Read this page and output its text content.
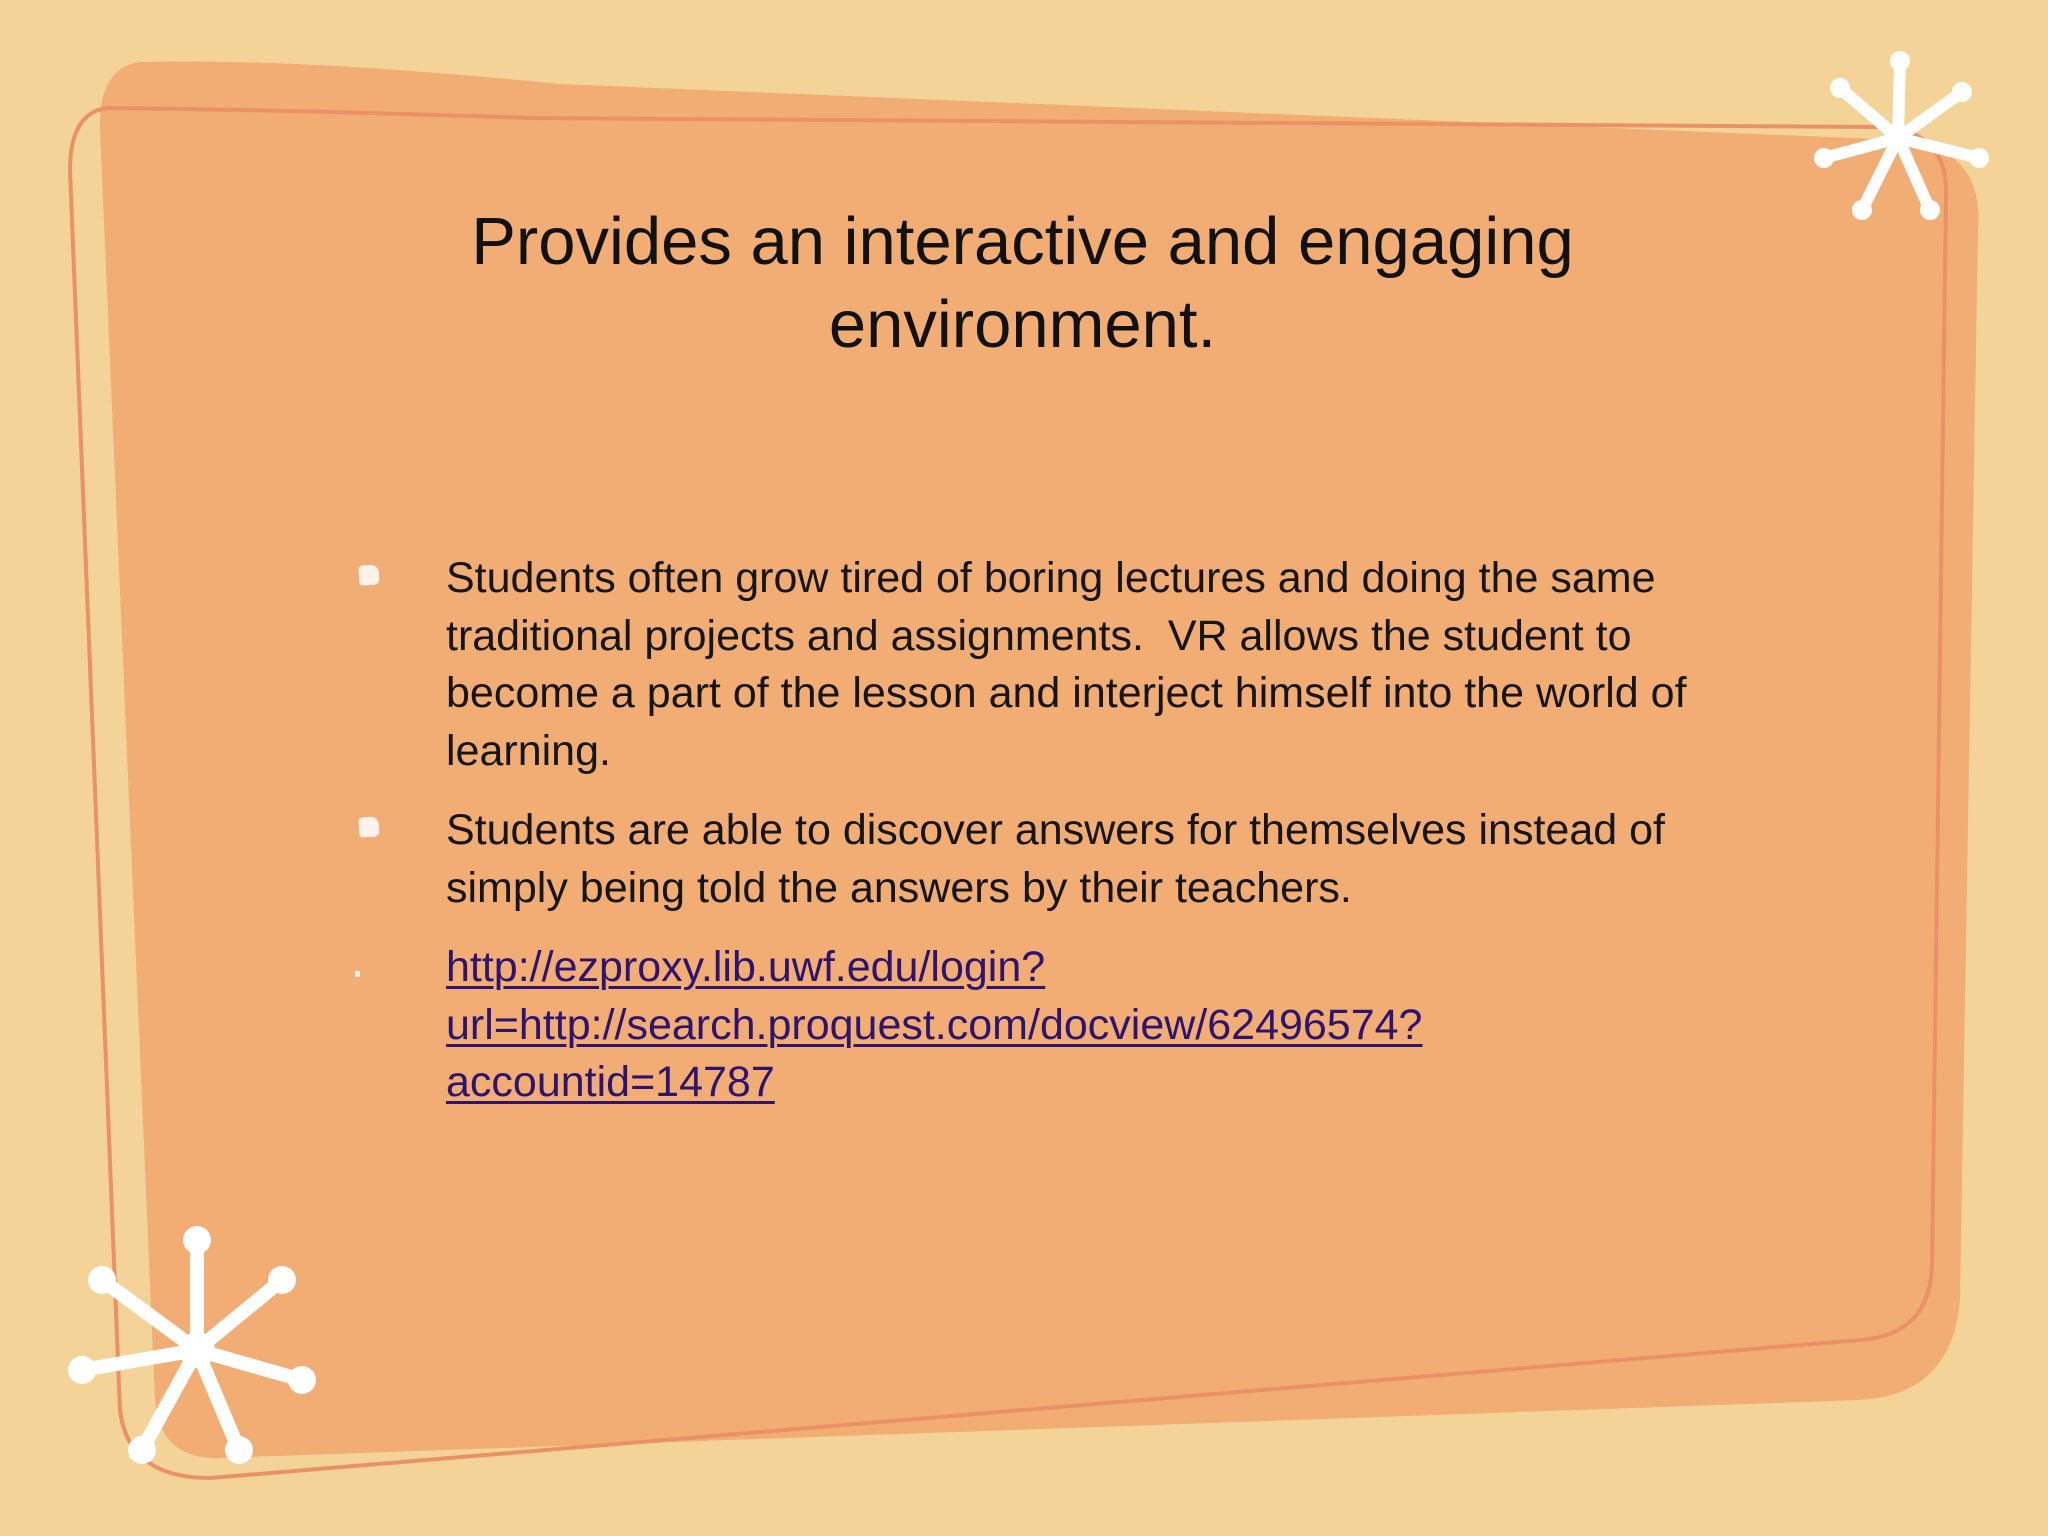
Provides an interactive and engaging environment.
Students often grow tired of boring lectures and doing the same traditional projects and assignments.  VR allows the student to become a part of the lesson and interject himself into the world of learning.
Students are able to discover answers for themselves instead of simply being told the answers by their teachers.
http://ezproxy.lib.uwf.edu/login?
url=http://search.proquest.com/docview/62496574?
accountid=14787
